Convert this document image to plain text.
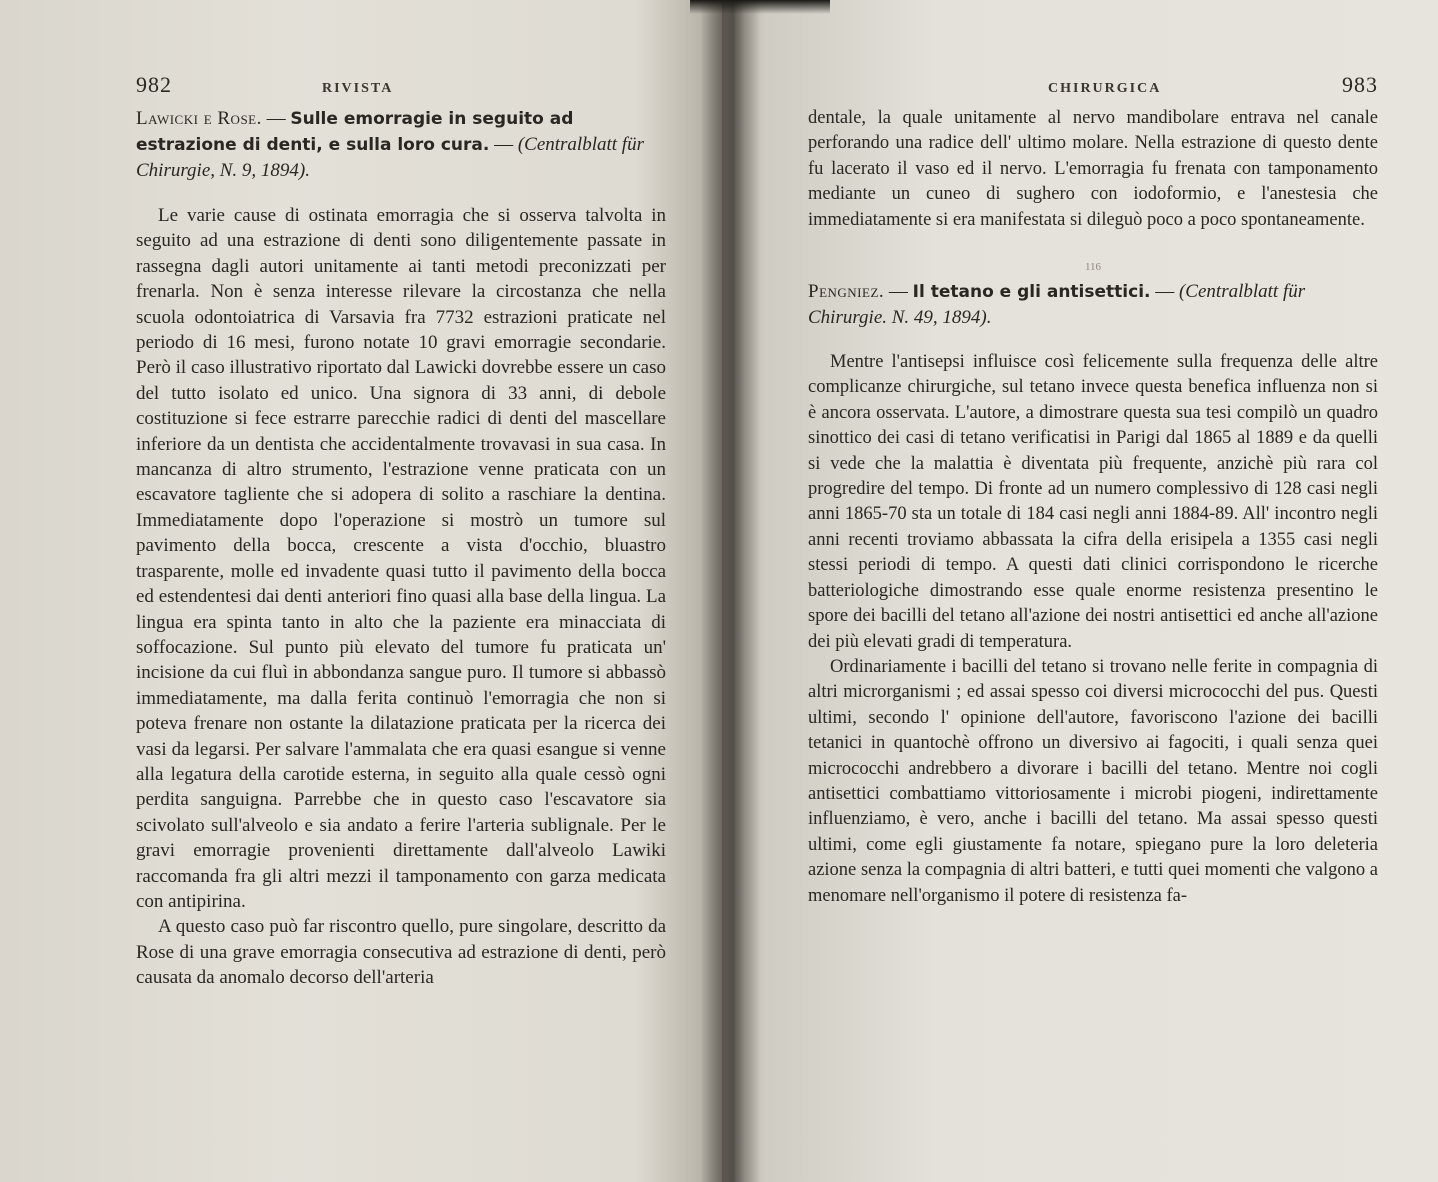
982	RIVISTA
Lawicki e Rose. — Sulle emorragie in seguito ad estrazione di denti, e sulla loro cura. — (Centralblatt für Chirurgie, N. 9, 1894).

Le varie cause di ostinata emorragia che si osserva talvolta in seguito ad una estrazione di denti sono diligentemente passate in rassegna dagli autori unitamente ai tanti metodi preconizzati per frenarla. Non è senza interesse rilevare la circostanza che nella scuola odontoiatrica di Varsavia fra 7732 estrazioni praticate nel periodo di 16 mesi, furono notate 10 gravi emorragie secondarie. Però il caso illustrativo riportato dal Lawicki dovrebbe essere un caso del tutto isolato ed unico. Una signora di 33 anni, di debole costituzione si fece estrarre parecchie radici di denti del mascellare inferiore da un dentista che accidentalmente trovavasi in sua casa. In mancanza di altro strumento, l'estrazione venne praticata con un escavatore tagliente che si adopera di solito a raschiare la dentina. Immediatamente dopo l'operazione si mostrò un tumore sul pavimento della bocca, crescente a vista d'occhio, bluastro trasparente, molle ed invadente quasi tutto il pavimento della bocca ed estendentesi dai denti anteriori fino quasi alla base della lingua. La lingua era spinta tanto in alto che la paziente era minacciata di soffocazione. Sul punto più elevato del tumore fu praticata un' incisione da cui fluì in abbondanza sangue puro. Il tumore si abbassò immediatamente, ma dalla ferita continuò l'emorragia che non si poteva frenare non ostante la dilatazione praticata per la ricerca dei vasi da legarsi. Per salvare l'ammalata che era quasi esangue si venne alla legatura della carotide esterna, in seguito alla quale cessò ogni perdita sanguigna. Parrebbe che in questo caso l'escavatore sia scivolato sull'alveolo e sia andato a ferire l'arteria sublignale. Per le gravi emorragie provenienti direttamente dall'alveolo Lawiki raccomanda fra gli altri mezzi il tamponamento con garza medicata con antipirina.

A questo caso può far riscontro quello, pure singolare, descritto da Rose di una grave emorragia consecutiva ad estrazione di denti, però causata da anomalo decorso dell'arteria

CHIRURGICA	983

dentale, la quale unitamente al nervo mandibolare entrava nel canale perforando una radice dell' ultimo molare. Nella estrazione di questo dente fu lacerato il vaso ed il nervo. L'emorragia fu frenata con tamponamento mediante un cuneo di sughero con iodoformio, e l'anestesia che immediatamente si era manifestata si dileguò poco a poco spontaneamente.

116
Pengniez. — Il tetano e gli antisettici. — (Centralblatt für Chirurgie. N. 49, 1894).

Mentre l'antisepsi influisce così felicemente sulla frequenza delle altre complicanze chirurgiche, sul tetano invece questa benefica influenza non si è ancora osservata. L'autore, a dimostrare questa sua tesi compilò un quadro sinottico dei casi di tetano verificatisi in Parigi dal 1865 al 1889 e da quelli si vede che la malattia è diventata più frequente, anzichè più rara col progredire del tempo. Di fronte ad un numero complessivo di 128 casi negli anni 1865-70 sta un totale di 184 casi negli anni 1884-89. All' incontro negli anni recenti troviamo abbassata la cifra della erisipela a 1355 casi negli stessi periodi di tempo. A questi dati clinici corrispondono le ricerche batteriologiche dimostrando esse quale enorme resistenza presentino le spore dei bacilli del tetano all'azione dei nostri antisettici ed anche all'azione dei più elevati gradi di temperatura.

Ordinariamente i bacilli del tetano si trovano nelle ferite in compagnia di altri microrganismi ; ed assai spesso coi diversi micrococchi del pus. Questi ultimi, secondo l' opinione dell'autore, favoriscono l'azione dei bacilli tetanici in quantochè offrono un diversivo ai fagociti, i quali senza quei micrococchi andrebbero a divorare i bacilli del tetano. Mentre noi cogli antisettici combattiamo vittoriosamente i microbi piogeni, indirettamente influenziamo, è vero, anche i bacilli del tetano. Ma assai spesso questi ultimi, come egli giustamente fa notare, spiegano pure la loro deleteria azione senza la compagnia di altri batteri, e tutti quei momenti che valgono a menomare nell'organismo il potere di resistenza fa-
